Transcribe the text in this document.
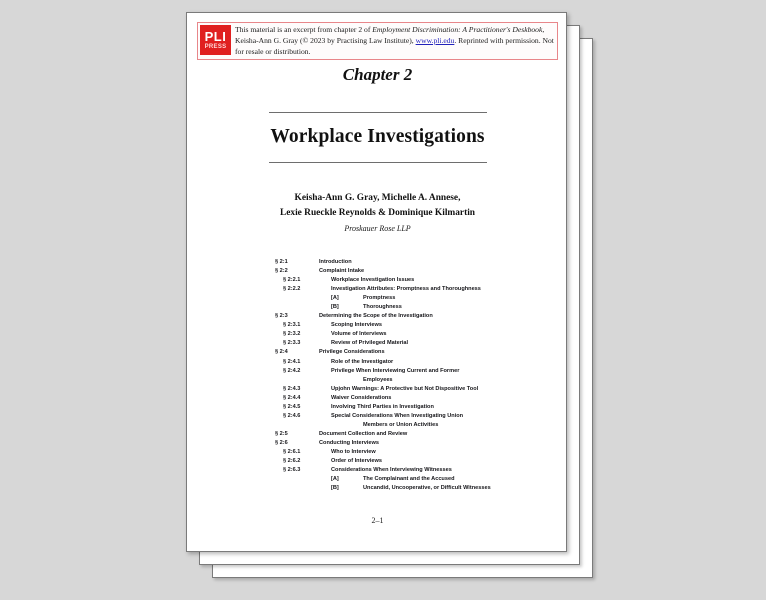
PLI
PRESS
This material is an excerpt from chapter 2 of Employment Discrimination: A Practitioner's Deskbook, Keisha-Ann G. Gray (© 2023 by Practising Law Institute), www.pli.edu. Reprinted with permission. Not for resale or distribution.
Chapter 2
Workplace Investigations
Keisha-Ann G. Gray, Michelle A. Annese,
Lexie Rueckle Reynolds & Dominique Kilmartin
Proskauer Rose LLP
§ 2:1	Introduction
§ 2:2	Complaint Intake
§ 2:2.1	Workplace Investigation Issues
§ 2:2.2	Investigation Attributes: Promptness and Thoroughness
[A]	Promptness
[B]	Thoroughness
§ 2:3	Determining the Scope of the Investigation
§ 2:3.1	Scoping Interviews
§ 2:3.2	Volume of Interviews
§ 2:3.3	Review of Privileged Material
§ 2:4	Privilege Considerations
§ 2:4.1	Role of the Investigator
§ 2:4.2	Privilege When Interviewing Current and Former
Employees
§ 2:4.3	Upjohn Warnings: A Protective but Not Dispositive Tool
§ 2:4.4	Waiver Considerations
§ 2:4.5	Involving Third Parties in Investigation
§ 2:4.6	Special Considerations When Investigating Union
Members or Union Activities
§ 2:5	Document Collection and Review
§ 2:6	Conducting Interviews
§ 2:6.1	Who to Interview
§ 2:6.2	Order of Interviews
§ 2:6.3	Considerations When Interviewing Witnesses
[A]	The Complainant and the Accused
[B]	Uncandid, Uncooperative, or Difficult Witnesses
2–1
